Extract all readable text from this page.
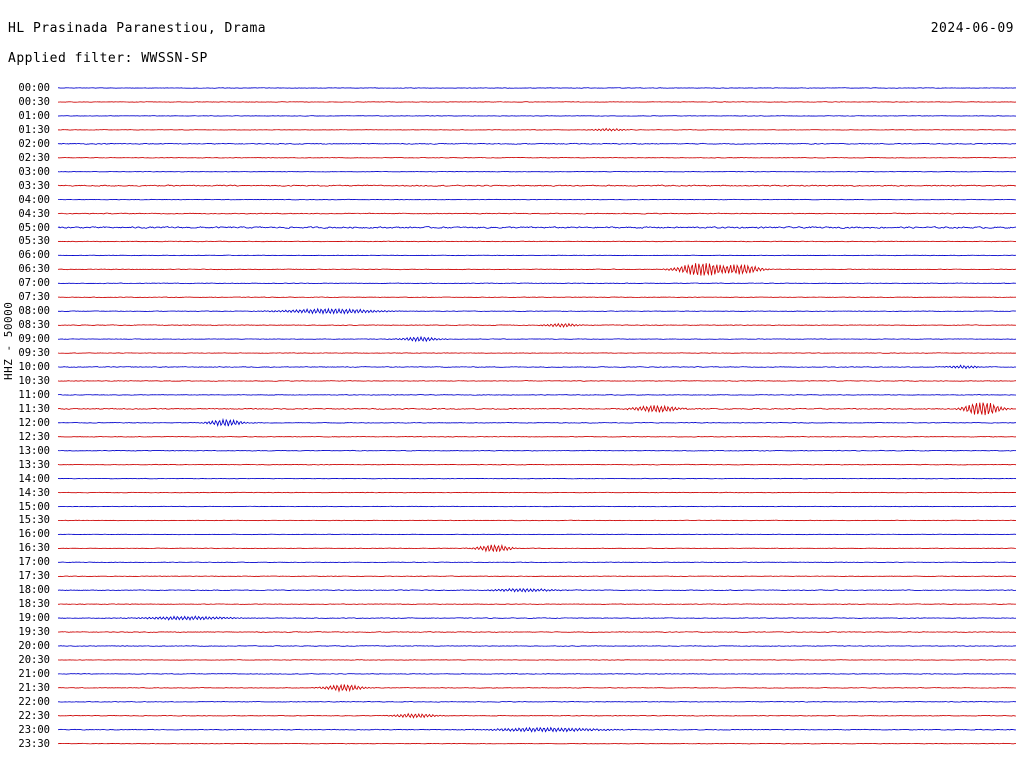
HL Prasinada Paranestiou, Drama	2024-06-09
Applied filter: WWSSN-SP
HHZ - 50000
00:00
00:30
01:00
01:30
02:00
02:30
03:00
03:30
04:00
04:30
05:00
05:30
06:00
06:30
07:00
07:30
08:00
08:30
09:00
09:30
10:00
10:30
11:00
11:30
12:00
12:30
13:00
13:30
14:00
14:30
15:00
15:30
16:00
16:30
17:00
17:30
18:00
18:30
19:00
19:30
20:00
20:30
21:00
21:30
22:00
22:30
23:00
23:30
